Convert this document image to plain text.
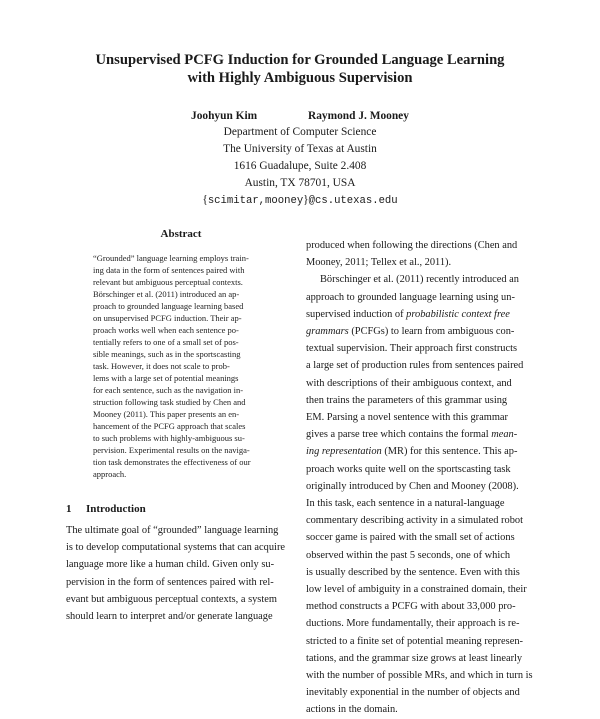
Unsupervised PCFG Induction for Grounded Language Learning
with Highly Ambiguous Supervision
Joohyun Kim	Raymond J. Mooney
Department of Computer Science
The University of Texas at Austin
1616 Guadalupe, Suite 2.408
Austin, TX 78701, USA
{scimitar,mooney}@cs.utexas.edu
Abstract
“Grounded” language learning employs train-
ing data in the form of sentences paired with
relevant but ambiguous perceptual contexts.
Börschinger et al. (2011) introduced an ap-
proach to grounded language learning based
on unsupervised PCFG induction. Their ap-
proach works well when each sentence po-
tentially refers to one of a small set of pos-
sible meanings, such as in the sportscasting
task. However, it does not scale to prob-
lems with a large set of potential meanings
for each sentence, such as the navigation in-
struction following task studied by Chen and
Mooney (2011). This paper presents an en-
hancement of the PCFG approach that scales
to such problems with highly-ambiguous su-
pervision. Experimental results on the naviga-
tion task demonstrates the effectiveness of our
approach.
1 Introduction
The ultimate goal of “grounded” language learning
is to develop computational systems that can acquire
language more like a human child. Given only su-
pervision in the form of sentences paired with rel-
evant but ambiguous perceptual contexts, a system
should learn to interpret and/or generate language
produced when following the directions (Chen and
Mooney, 2011; Tellex et al., 2011).
Börschinger et al. (2011) recently introduced an
approach to grounded language learning using un-
supervised induction of probabilistic context free
grammars (PCFGs) to learn from ambiguous con-
textual supervision. Their approach first constructs
a large set of production rules from sentences paired
with descriptions of their ambiguous context, and
then trains the parameters of this grammar using
EM. Parsing a novel sentence with this grammar
gives a parse tree which contains the formal mean-
ing representation (MR) for this sentence. This ap-
proach works quite well on the sportscasting task
originally introduced by Chen and Mooney (2008).
In this task, each sentence in a natural-language
commentary describing activity in a simulated robot
soccer game is paired with the small set of actions
observed within the past 5 seconds, one of which
is usually described by the sentence. Even with this
low level of ambiguity in a constrained domain, their
method constructs a PCFG with about 33,000 pro-
ductions. More fundamentally, their approach is re-
stricted to a finite set of potential meaning represen-
tations, and the grammar size grows at least linearly
with the number of possible MRs, and which in turn is
inevitably exponential in the number of objects and
actions in the domain.
